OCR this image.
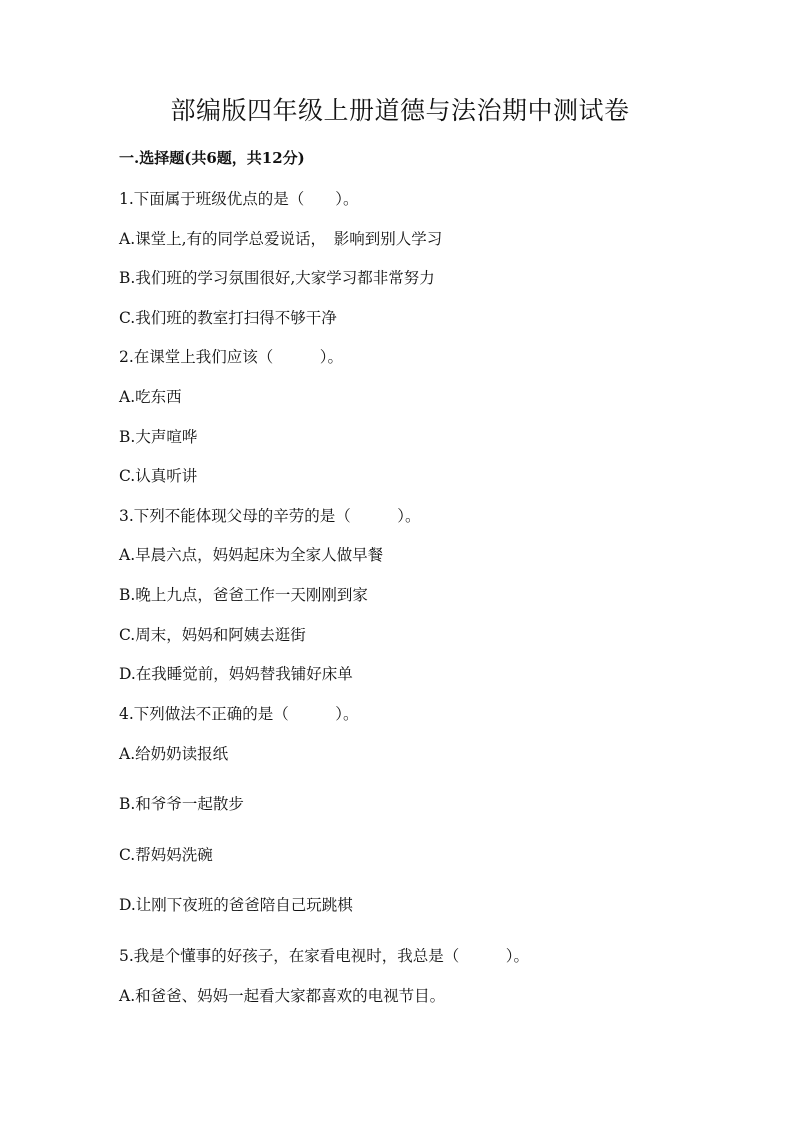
部编版四年级上册道德与法治期中测试卷

一.选择题(共6题，共12分)

1.下面属于班级优点的是（　　）。

A.课堂上,有的同学总爱说话，　影响到别人学习

B.我们班的学习氛围很好,大家学习都非常努力

C.我们班的教室打扫得不够干净

2.在课堂上我们应该（　　　）。

A.吃东西

B.大声喧哗

C.认真听讲

3.下列不能体现父母的辛劳的是（　　　）。

A.早晨六点，妈妈起床为全家人做早餐

B.晚上九点，爸爸工作一天刚刚到家

C.周末，妈妈和阿姨去逛街

D.在我睡觉前，妈妈替我铺好床单

4.下列做法不正确的是（　　　）。

A.给奶奶读报纸

B.和爷爷一起散步

C.帮妈妈洗碗

D.让刚下夜班的爸爸陪自己玩跳棋

5.我是个懂事的好孩子，在家看电视时，我总是（　　　）。

A.和爸爸、妈妈一起看大家都喜欢的电视节目。
